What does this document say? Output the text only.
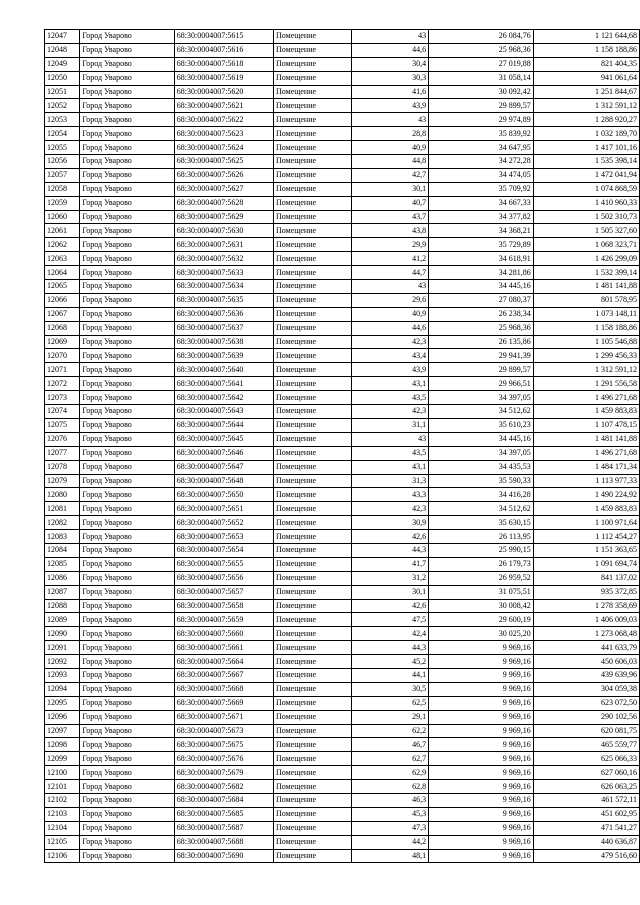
12047	Город Уварово	68:30:0004007:5615	Помещение	43	26 084,76	1 121 644,68
12048	Город Уварово	68:30:0004007:5616	Помещение	44,6	25 968,36	1 158 188,86
12049	Город Уварово	68:30:0004007:5618	Помещение	30,4	27 019,88	821 404,35
12050	Город Уварово	68:30:0004007:5619	Помещение	30,3	31 058,14	941 061,64
12051	Город Уварово	68:30:0004007:5620	Помещение	41,6	30 092,42	1 251 844,67
12052	Город Уварово	68:30:0004007:5621	Помещение	43,9	29 899,57	1 312 591,12
12053	Город Уварово	68:30:0004007:5622	Помещение	43	29 974,89	1 288 920,27
12054	Город Уварово	68:30:0004007:5623	Помещение	28,8	35 839,92	1 032 189,70
12055	Город Уварово	68:30:0004007:5624	Помещение	40,9	34 647,95	1 417 101,16
12056	Город Уварово	68:30:0004007:5625	Помещение	44,8	34 272,28	1 535 398,14
12057	Город Уварово	68:30:0004007:5626	Помещение	42,7	34 474,05	1 472 041,94
12058	Город Уварово	68:30:0004007:5627	Помещение	30,1	35 709,92	1 074 868,59
12059	Город Уварово	68:30:0004007:5628	Помещение	40,7	34 667,33	1 410 960,33
12060	Город Уварово	68:30:0004007:5629	Помещение	43,7	34 377,82	1 502 310,73
12061	Город Уварово	68:30:0004007:5630	Помещение	43,8	34 368,21	1 505 327,60
12062	Город Уварово	68:30:0004007:5631	Помещение	29,9	35 729,89	1 068 323,71
12063	Город Уварово	68:30:0004007:5632	Помещение	41,2	34 618,91	1 426 299,09
12064	Город Уварово	68:30:0004007:5633	Помещение	44,7	34 281,86	1 532 399,14
12065	Город Уварово	68:30:0004007:5634	Помещение	43	34 445,16	1 481 141,88
12066	Город Уварово	68:30:0004007:5635	Помещение	29,6	27 080,37	801 578,95
12067	Город Уварово	68:30:0004007:5636	Помещение	40,9	26 238,34	1 073 148,11
12068	Город Уварово	68:30:0004007:5637	Помещение	44,6	25 968,36	1 158 188,86
12069	Город Уварово	68:30:0004007:5638	Помещение	42,3	26 135,86	1 105 546,88
12070	Город Уварово	68:30:0004007:5639	Помещение	43,4	29 941,39	1 299 456,33
12071	Город Уварово	68:30:0004007:5640	Помещение	43,9	29 899,57	1 312 591,12
12072	Город Уварово	68:30:0004007:5641	Помещение	43,1	29 966,51	1 291 556,58
12073	Город Уварово	68:30:0004007:5642	Помещение	43,5	34 397,05	1 496 271,68
12074	Город Уварово	68:30:0004007:5643	Помещение	42,3	34 512,62	1 459 883,83
12075	Город Уварово	68:30:0004007:5644	Помещение	31,1	35 610,23	1 107 478,15
12076	Город Уварово	68:30:0004007:5645	Помещение	43	34 445,16	1 481 141,88
12077	Город Уварово	68:30:0004007:5646	Помещение	43,5	34 397,05	1 496 271,68
12078	Город Уварово	68:30:0004007:5647	Помещение	43,1	34 435,53	1 484 171,34
12079	Город Уварово	68:30:0004007:5648	Помещение	31,3	35 590,33	1 113 977,33
12080	Город Уварово	68:30:0004007:5650	Помещение	43,3	34 416,28	1 490 224,92
12081	Город Уварово	68:30:0004007:5651	Помещение	42,3	34 512,62	1 459 883,83
12082	Город Уварово	68:30:0004007:5652	Помещение	30,9	35 630,15	1 100 971,64
12083	Город Уварово	68:30:0004007:5653	Помещение	42,6	26 113,95	1 112 454,27
12084	Город Уварово	68:30:0004007:5654	Помещение	44,3	25 990,15	1 151 363,65
12085	Город Уварово	68:30:0004007:5655	Помещение	41,7	26 179,73	1 091 694,74
12086	Город Уварово	68:30:0004007:5656	Помещение	31,2	26 959,52	841 137,02
12087	Город Уварово	68:30:0004007:5657	Помещение	30,1	31 075,51	935 372,85
12088	Город Уварово	68:30:0004007:5658	Помещение	42,6	30 008,42	1 278 358,69
12089	Город Уварово	68:30:0004007:5659	Помещение	47,5	29 600,19	1 406 009,03
12090	Город Уварово	68:30:0004007:5660	Помещение	42,4	30 025,20	1 273 068,48
12091	Город Уварово	68:30:0004007:5661	Помещение	44,3	9 969,16	441 633,79
12092	Город Уварово	68:30:0004007:5664	Помещение	45,2	9 969,16	450 606,03
12093	Город Уварово	68:30:0004007:5667	Помещение	44,1	9 969,16	439 639,96
12094	Город Уварово	68:30:0004007:5668	Помещение	30,5	9 969,16	304 059,38
12095	Город Уварово	68:30:0004007:5669	Помещение	62,5	9 969,16	623 072,50
12096	Город Уварово	68:30:0004007:5671	Помещение	29,1	9 969,16	290 102,56
12097	Город Уварово	68:30:0004007:5673	Помещение	62,2	9 969,16	620 081,75
12098	Город Уварово	68:30:0004007:5675	Помещение	46,7	9 969,16	465 559,77
12099	Город Уварово	68:30:0004007:5676	Помещение	62,7	9 969,16	625 066,33
12100	Город Уварово	68:30:0004007:5679	Помещение	62,9	9 969,16	627 060,16
12101	Город Уварово	68:30:0004007:5682	Помещение	62,8	9 969,16	626 063,25
12102	Город Уварово	68:30:0004007:5684	Помещение	46,3	9 969,16	461 572,11
12103	Город Уварово	68:30:0004007:5685	Помещение	45,3	9 969,16	451 602,95
12104	Город Уварово	68:30:0004007:5687	Помещение	47,3	9 969,16	471 541,27
12105	Город Уварово	68:30:0004007:5688	Помещение	44,2	9 969,16	440 636,87
12106	Город Уварово	68:30:0004007:5690	Помещение	48,1	9 969,16	479 516,60
